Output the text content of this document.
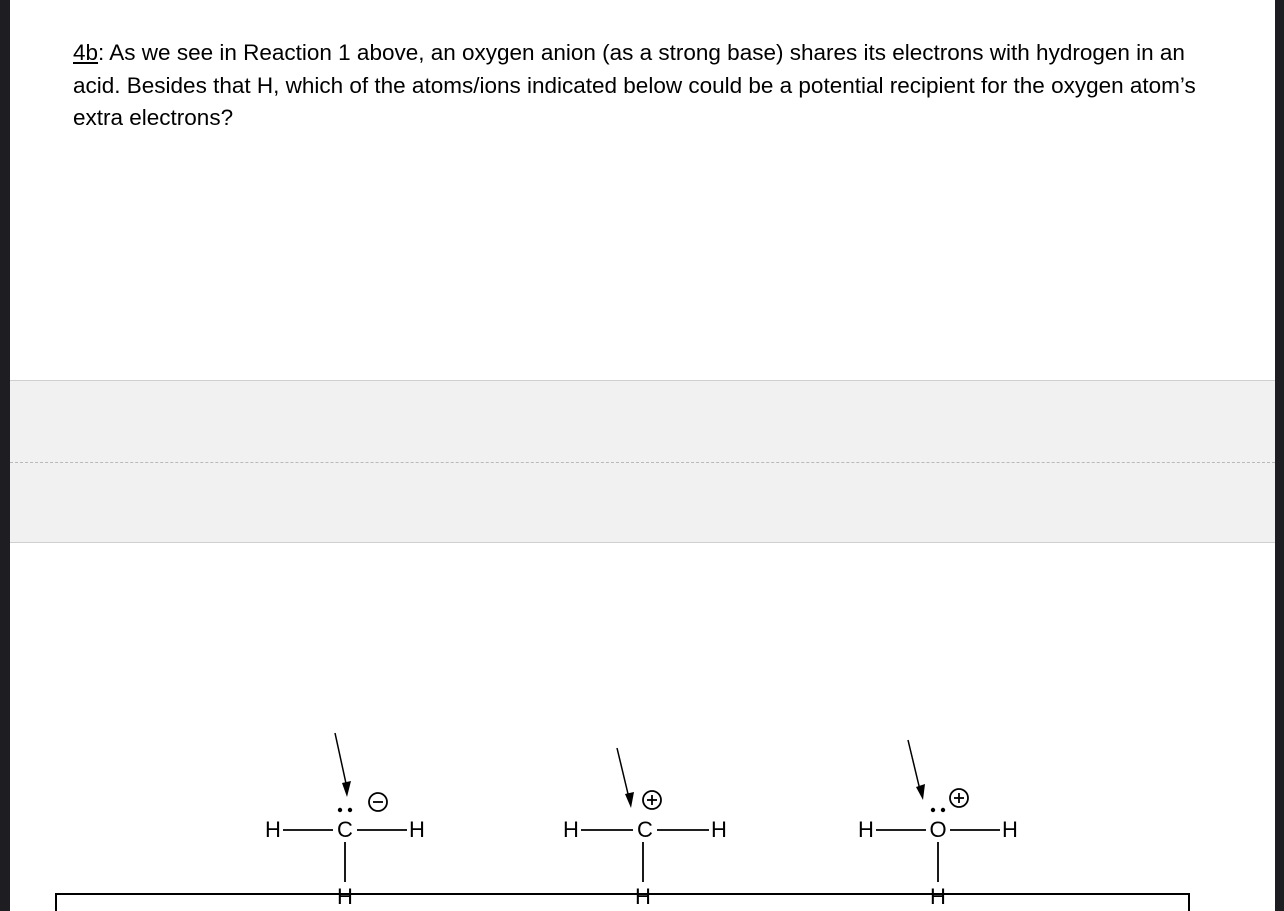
4b: As we see in Reaction 1 above, an oxygen anion (as a strong base) shares its electrons with hydrogen in an acid. Besides that H, which of the atoms/ions indicated below could be a potential recipient for the oxygen atom’s extra electrons?
H	C	H
H
H	C	H
H
H	O	H
H
